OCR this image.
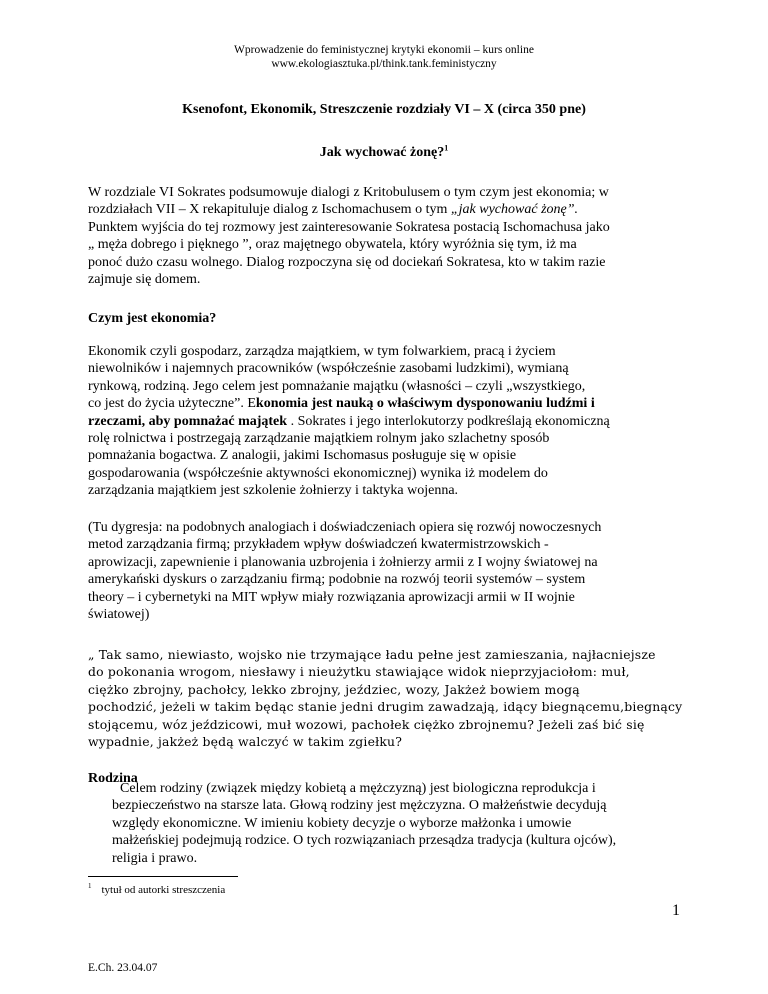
Wprowadzenie do feministycznej krytyki ekonomii – kurs online
www.ekologiasztuka.pl/think.tank.feministyczny
Ksenofont, Ekonomik, Streszczenie rozdziały VI – X (circa 350 pne)
Jak wychować żonę?$^1$
W rozdziale VI Sokrates podsumowuje dialogi z Kritobulusem o tym czym jest ekonomia; w
rozdziałach VII – X rekapituluje dialog z Ischomachusem o tym „jak wychować żonę”.
Punktem wyjścia do tej rozmowy jest zainteresowanie Sokratesa postacią Ischomachusa jako
„ męża dobrego i pięknego ”, oraz majętnego obywatela, który wyróżnia się tym, iż ma
ponoć dużo czasu wolnego. Dialog rozpoczyna się od dociekań Sokratesa, kto w takim razie
zajmuje się domem.
Czym jest ekonomia?
Ekonomik czyli gospodarz, zarządza majątkiem, w tym folwarkiem, pracą i życiem
niewolników i najemnych pracowników (współcześnie zasobami ludzkimi), wymianą
rynkową, rodziną. Jego celem jest pomnażanie majątku (własności – czyli „wszystkiego,
co jest do życia użyteczne”. Ekonomia jest nauką o właściwym dysponowaniu ludźmi i
rzeczami, aby pomnażać majątek . Sokrates i jego interlokutorzy podkreślają ekonomiczną
rolę rolnictwa i postrzegają zarządzanie majątkiem rolnym jako szlachetny sposób
pomnażania bogactwa. Z analogii, jakimi Ischomasus posługuje się w opisie
gospodarowania (współcześnie aktywności ekonomicznej) wynika iż modelem do
zarządzania majątkiem jest szkolenie żołnierzy i taktyka wojenna.
(Tu dygresja: na podobnych analogiach i doświadczeniach opiera się rozwój nowoczesnych
metod zarządzania firmą; przykładem wpływ doświadczeń kwatermistrzowskich -
aprowizacji, zapewnienie i planowania uzbrojenia i żołnierzy armii z I wojny światowej na
amerykański dyskurs o zarządzaniu firmą; podobnie na rozwój teorii systemów – system
theory – i cybernetyki na MIT wpływ miały rozwiązania aprowizacji armii w II wojnie
światowej)
„ Tak samo, niewiasto, wojsko nie trzymające ładu pełne jest zamieszania, najłacniejsze
do pokonania wrogom, niesławy i nieużytku stawiające widok nieprzyjaciołom: muł,
ciężko zbrojny, pachołcy, lekko zbrojny, jeździec, wozy, Jakżeż bowiem mogą
pochodzić, jeżeli w takim będąc stanie jedni drugim zawadzają, idący biegnącemu,biegnący
stojącemu, wóz jeździcowi, muł wozowi, pachołek ciężko zbrojnemu? Jeżeli zaś bić się
wypadnie, jakżeż będą walczyć w takim zgiełku?
Rodzina
Celem rodziny (związek między kobietą a mężczyzną) jest biologiczna reprodukcja i
bezpieczeństwo na starsze lata. Głową rodziny jest mężczyzna. O małżeństwie decydują
względy ekonomiczne. W imieniu kobiety decyzje o wyborze małżonka i umowie
małżeńskiej podejmują rodzice. O tych rozwiązaniach przesądza tradycja (kultura ojców),
religia i prawo.
$^1$ tytuł od autorki streszczenia
1
E.Ch. 23.04.07
